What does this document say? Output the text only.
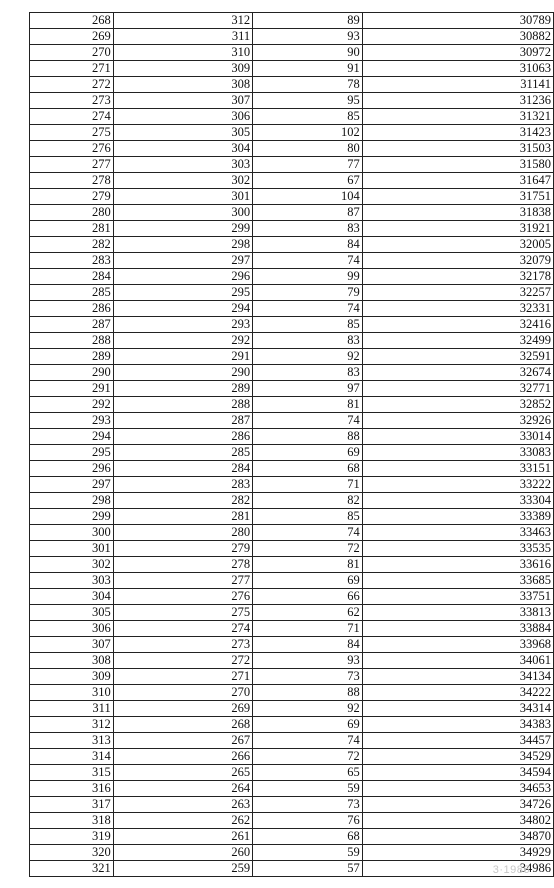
268	312	89	30789
269	311	93	30882
270	310	90	30972
271	309	91	31063
272	308	78	31141
273	307	95	31236
274	306	85	31321
275	305	102	31423
276	304	80	31503
277	303	77	31580
278	302	67	31647
279	301	104	31751
280	300	87	31838
281	299	83	31921
282	298	84	32005
283	297	74	32079
284	296	99	32178
285	295	79	32257
286	294	74	32331
287	293	85	32416
288	292	83	32499
289	291	92	32591
290	290	83	32674
291	289	97	32771
292	288	81	32852
293	287	74	32926
294	286	88	33014
295	285	69	33083
296	284	68	33151
297	283	71	33222
298	282	82	33304
299	281	85	33389
300	280	74	33463
301	279	72	33535
302	278	81	33616
303	277	69	33685
304	276	66	33751
305	275	62	33813
306	274	71	33884
307	273	84	33968
308	272	93	34061
309	271	73	34134
310	270	88	34222
311	269	92	34314
312	268	69	34383
313	267	74	34457
314	266	72	34529
315	265	65	34594
316	264	59	34653
317	263	73	34726
318	262	76	34802
319	261	68	34870
320	260	59	34929
321	259	57	34986
3·1986
